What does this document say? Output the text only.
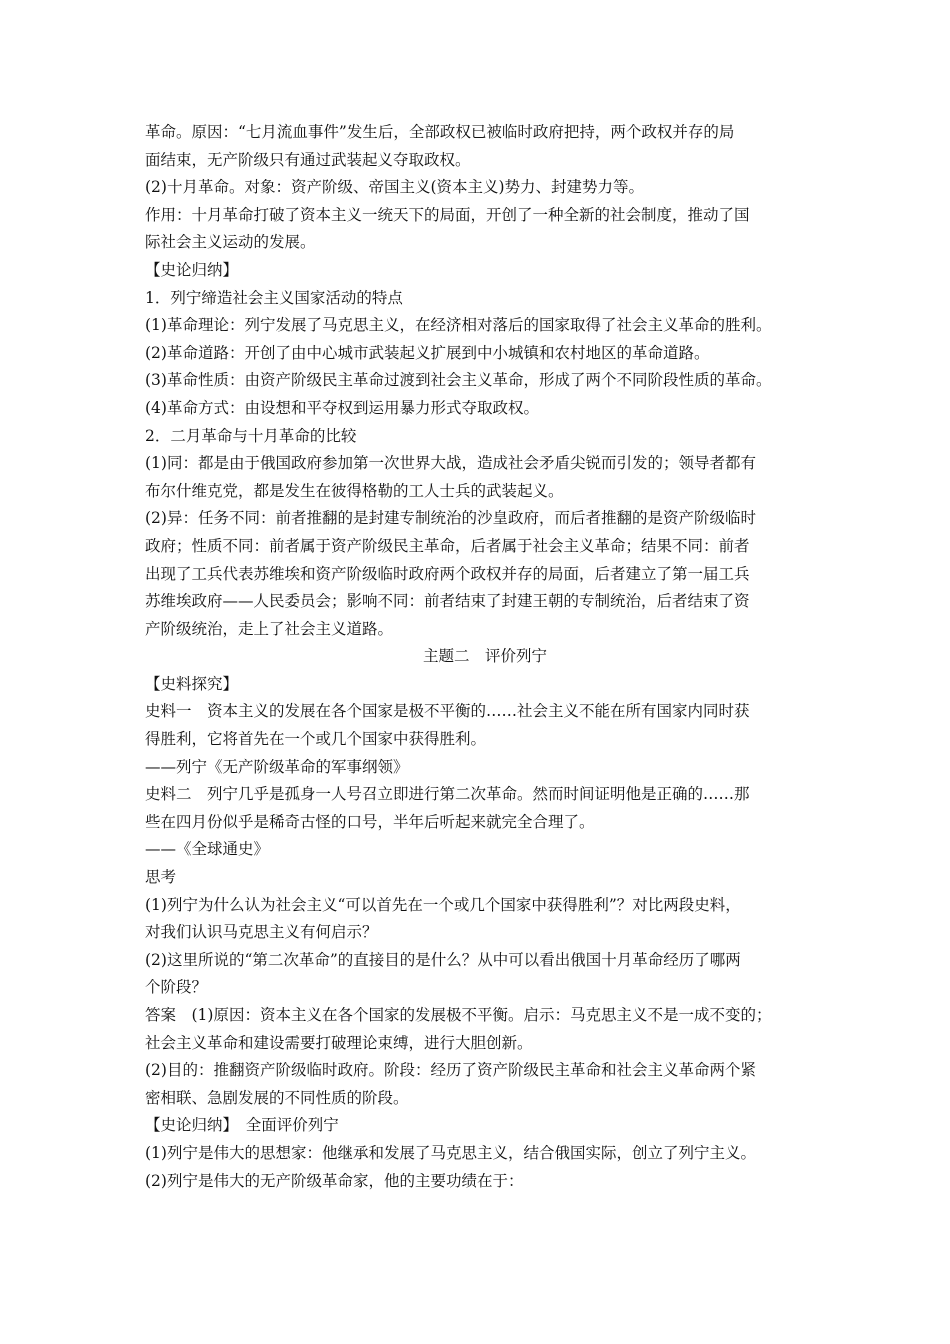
革命。原因：“七月流血事件”发生后，全部政权已被临时政府把持，两个政权并存的局
面结束，无产阶级只有通过武装起义夺取政权。
(2)十月革命。对象：资产阶级、帝国主义(资本主义)势力、封建势力等。
作用：十月革命打破了资本主义一统天下的局面，开创了一种全新的社会制度，推动了国
际社会主义运动的发展。
【史论归纳】
1．列宁缔造社会主义国家活动的特点
(1)革命理论：列宁发展了马克思主义，在经济相对落后的国家取得了社会主义革命的胜利。
(2)革命道路：开创了由中心城市武装起义扩展到中小城镇和农村地区的革命道路。
(3)革命性质：由资产阶级民主革命过渡到社会主义革命，形成了两个不同阶段性质的革命。
(4)革命方式：由设想和平夺权到运用暴力形式夺取政权。
2．二月革命与十月革命的比较
(1)同：都是由于俄国政府参加第一次世界大战，造成社会矛盾尖锐而引发的；领导者都有
布尔什维克党，都是发生在彼得格勒的工人士兵的武装起义。
(2)异：任务不同：前者推翻的是封建专制统治的沙皇政府，而后者推翻的是资产阶级临时
政府；性质不同：前者属于资产阶级民主革命，后者属于社会主义革命；结果不同：前者
出现了工兵代表苏维埃和资产阶级临时政府两个政权并存的局面，后者建立了第一届工兵
苏维埃政府——人民委员会；影响不同：前者结束了封建王朝的专制统治，后者结束了资
产阶级统治，走上了社会主义道路。
主题二　评价列宁
【史料探究】
史料一　资本主义的发展在各个国家是极不平衡的……社会主义不能在所有国家内同时获
得胜利，它将首先在一个或几个国家中获得胜利。
——列宁《无产阶级革命的军事纲领》
史料二　列宁几乎是孤身一人号召立即进行第二次革命。然而时间证明他是正确的……那
些在四月份似乎是稀奇古怪的口号，半年后听起来就完全合理了。
——《全球通史》
思考
(1)列宁为什么认为社会主义“可以首先在一个或几个国家中获得胜利”？对比两段史料，
对我们认识马克思主义有何启示？
(2)这里所说的“第二次革命”的直接目的是什么？从中可以看出俄国十月革命经历了哪两
个阶段？
答案　(1)原因：资本主义在各个国家的发展极不平衡。启示：马克思主义不是一成不变的；
社会主义革命和建设需要打破理论束缚，进行大胆创新。
(2)目的：推翻资产阶级临时政府。阶段：经历了资产阶级民主革命和社会主义革命两个紧
密相联、急剧发展的不同性质的阶段。
【史论归纳】　全面评价列宁
(1)列宁是伟大的思想家：他继承和发展了马克思主义，结合俄国实际，创立了列宁主义。
(2)列宁是伟大的无产阶级革命家，他的主要功绩在于：
